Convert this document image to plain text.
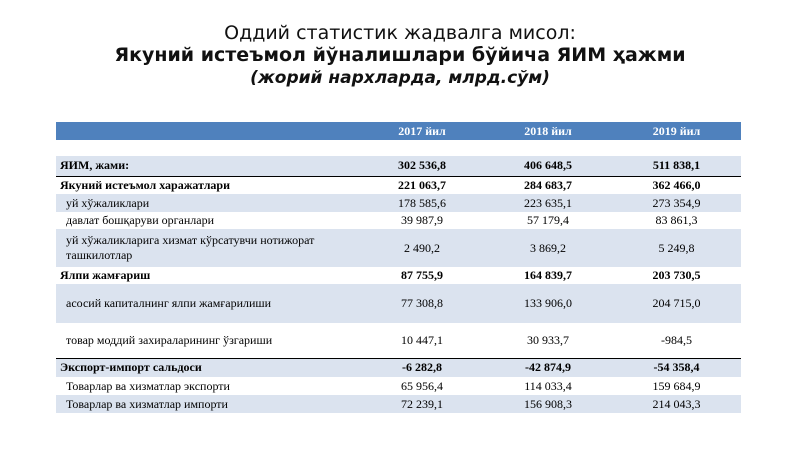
Оддий статистик жадвалга мисол:
Якуний истеъмол йўналишлари бўйича ЯИМ ҳажми
(жорий нархларда, млрд.сўм)
	2017 йил	2018 йил	2019 йил

ЯИМ, жами:	302 536,8	406 648,5	511 838,1
Якуний истеъмол харажатлари	221 063,7	284 683,7	362 466,0
уй хўжаликлари	178 585,6	223 635,1	273 354,9
давлат бошқаруви органлари	39 987,9	57 179,4	83 861,3
уй хўжаликларига хизмат кўрсатувчи нотижорат ташкилотлар	2 490,2	3 869,2	5 249,8
Ялпи жамғариш	87 755,9	164 839,7	203 730,5
асосий капиталнинг ялпи жамғарилиши	77 308,8	133 906,0	204 715,0
товар моддий захираларининг ўзгариши	10 447,1	30 933,7	-984,5
Экспорт-импорт сальдоси	-6 282,8	-42 874,9	-54 358,4
Товарлар ва хизматлар экспорти	65 956,4	114 033,4	159 684,9
Товарлар ва хизматлар импорти	72 239,1	156 908,3	214 043,3
